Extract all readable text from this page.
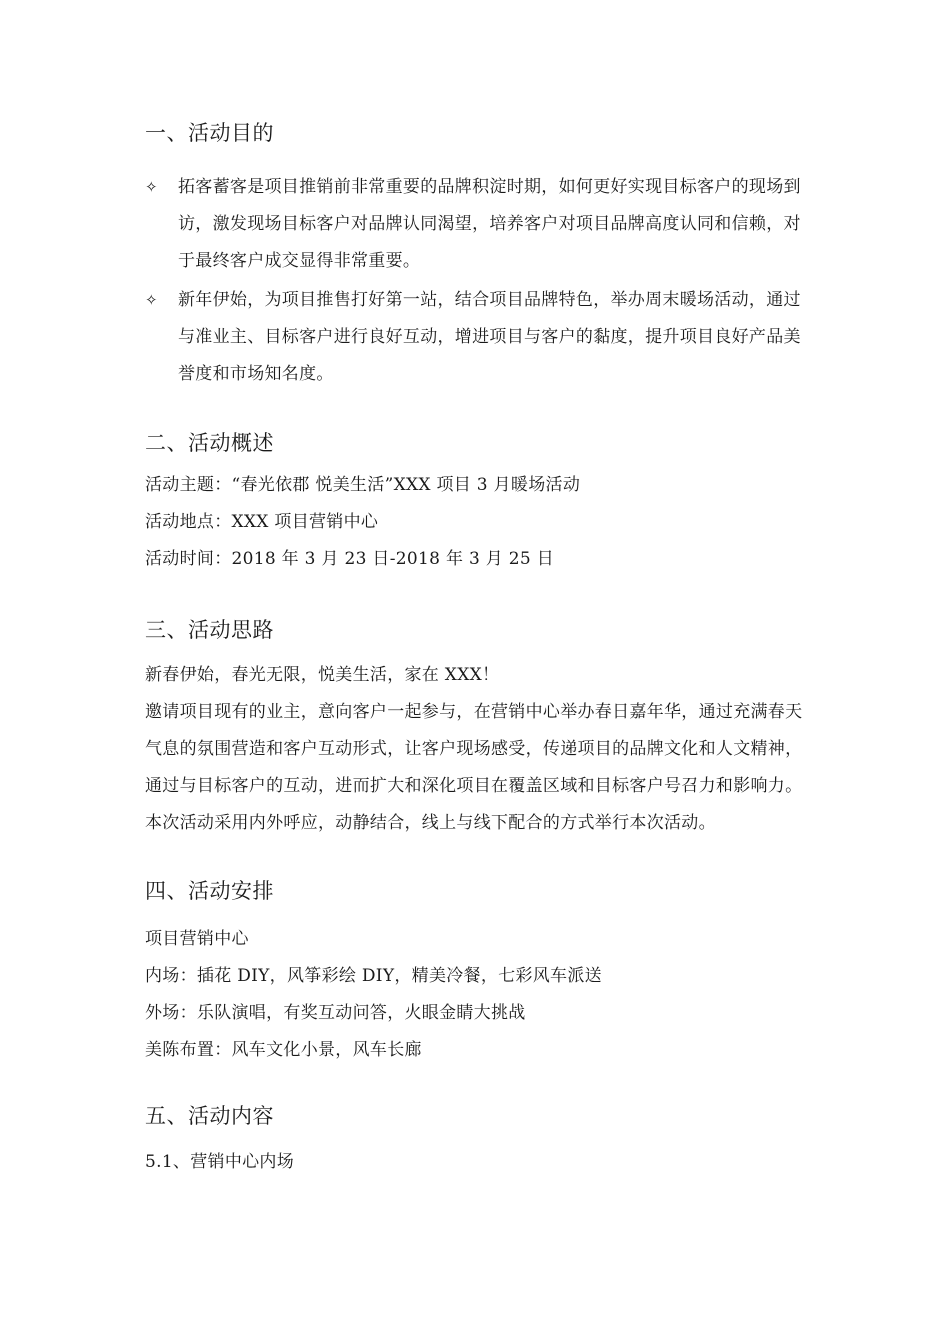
一、活动目的
✧	拓客蓄客是项目推销前非常重要的品牌积淀时期，如何更好实现目标客户的现场到访，激发现场目标客户对品牌认同渴望，培养客户对项目品牌高度认同和信赖，对于最终客户成交显得非常重要。
✧	新年伊始，为项目推售打好第一站，结合项目品牌特色，举办周末暖场活动，通过与准业主、目标客户进行良好互动，增进项目与客户的黏度，提升项目良好产品美誉度和市场知名度。
二、活动概述

活动主题：“春光依郡 悦美生活”XXX 项目 3 月暖场活动

活动地点：XXX 项目营销中心

活动时间：2018 年 3 月 23 日-2018 年 3 月 25 日

三、活动思路

新春伊始，春光无限，悦美生活，家在 XXX！

邀请项目现有的业主，意向客户一起参与，在营销中心举办春日嘉年华，通过充满春天气息的氛围营造和客户互动形式，让客户现场感受，传递项目的品牌文化和人文精神，通过与目标客户的互动，进而扩大和深化项目在覆盖区域和目标客户号召力和影响力。

本次活动采用内外呼应，动静结合，线上与线下配合的方式举行本次活动。

四、活动安排

项目营销中心

内场：插花 DIY，风筝彩绘 DIY，精美冷餐，七彩风车派送

外场：乐队演唱，有奖互动问答，火眼金睛大挑战

美陈布置：风车文化小景，风车长廊

五、活动内容

5.1、营销中心内场
